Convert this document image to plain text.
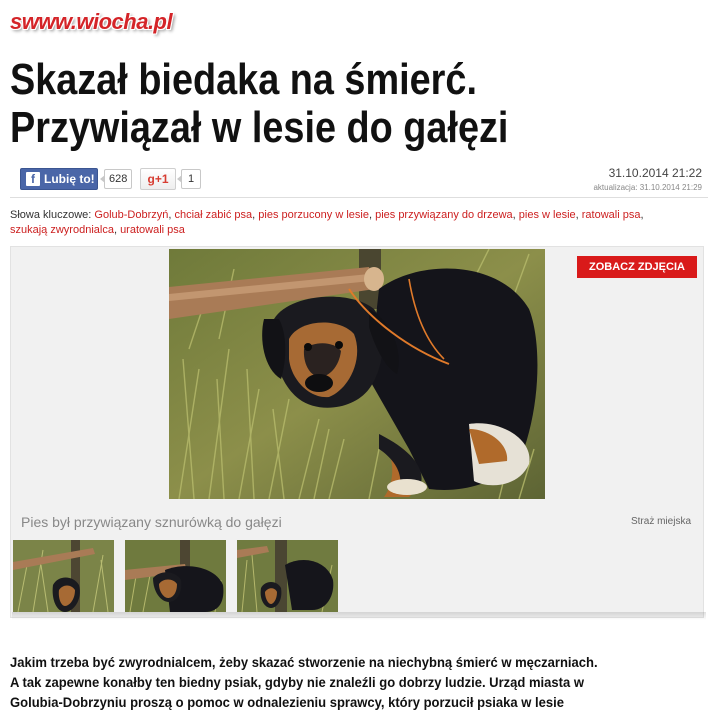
swww.wiocha.pl
Skazał biedaka na śmierć.
Przywiązał w lesie do gałęzi
f Lubię to!	628	g+1	1	31.10.2014 21:22
aktualizacja: 31.10.2014 21:29
Słowa kluczowe: Golub-Dobrzyń, chciał zabić psa, pies porzucony w lesie, pies przywiązany do drzewa, pies w lesie, ratowali psa,
szukają zwyrodnialca, uratowali psa
ZOBACZ ZDJĘCIA
Pies był przywiązany sznurówką do gałęzi	Straż miejska
Jakim trzeba być zwyrodnialcem, żeby skazać stworzenie na niechybną śmierć w męczarniach.
A tak zapewne konałby ten biedny psiak, gdyby nie znaleźli go dobrzy ludzie. Urząd miasta w
Golubia-Dobrzyniu proszą o pomoc w odnalezieniu sprawcy, który porzucił psiaka w lesie
